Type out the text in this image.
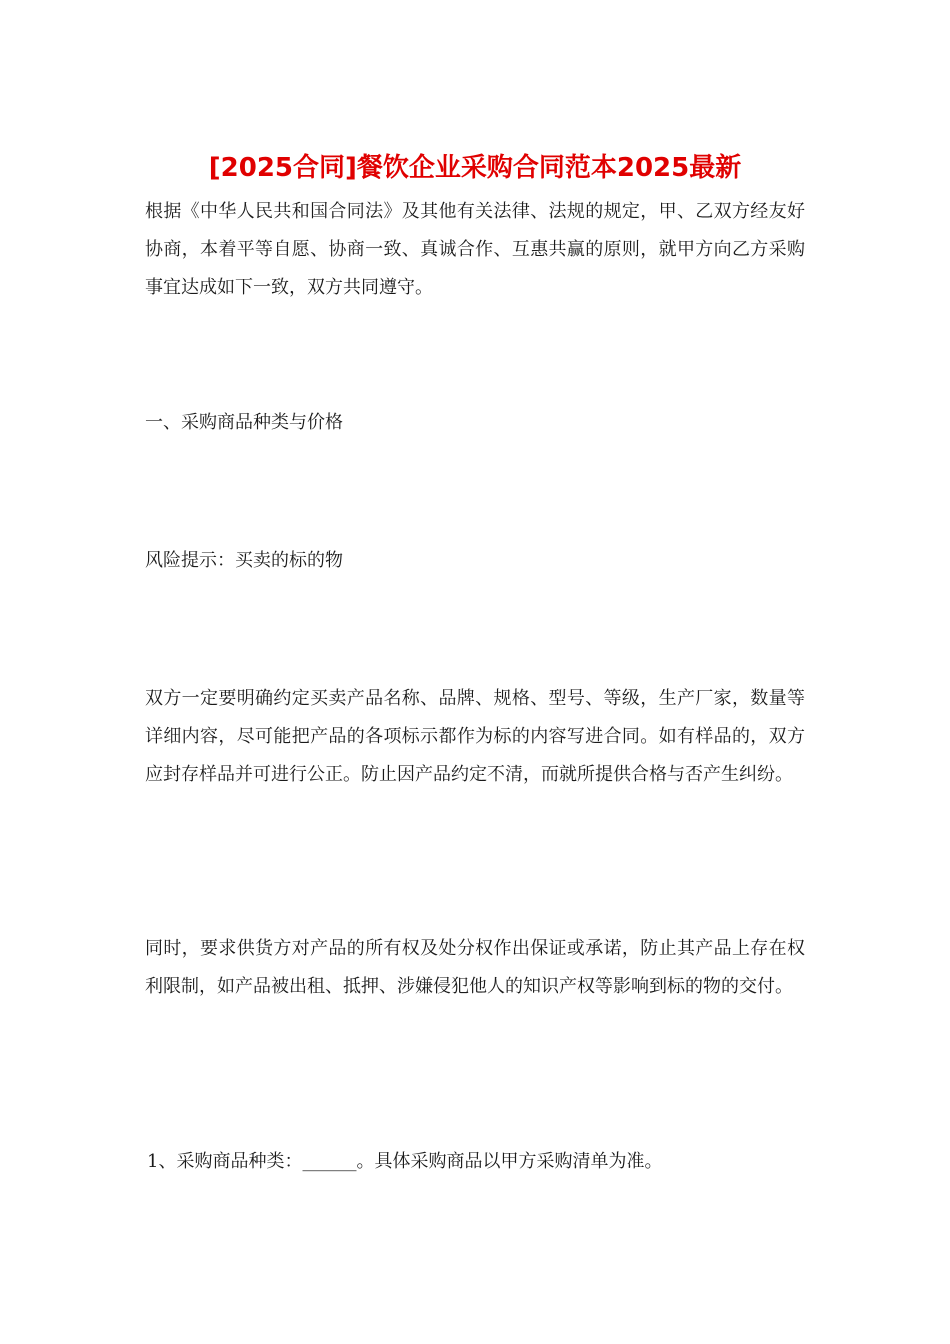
[2025合同]餐饮企业采购合同范本2025最新
根据《中华人民共和国合同法》及其他有关法律、法规的规定，甲、乙双方经友好协商，本着平等自愿、协商一致、真诚合作、互惠共赢的原则，就甲方向乙方采购事宜达成如下一致，双方共同遵守。
一、采购商品种类与价格
风险提示：买卖的标的物
双方一定要明确约定买卖产品名称、品牌、规格、型号、等级，生产厂家，数量等详细内容，尽可能把产品的各项标示都作为标的内容写进合同。如有样品的，双方应封存样品并可进行公正。防止因产品约定不清，而就所提供合格与否产生纠纷。
同时，要求供货方对产品的所有权及处分权作出保证或承诺，防止其产品上存在权利限制，如产品被出租、抵押、涉嫌侵犯他人的知识产权等影响到标的物的交付。
1、采购商品种类：______。具体采购商品以甲方采购清单为准。
